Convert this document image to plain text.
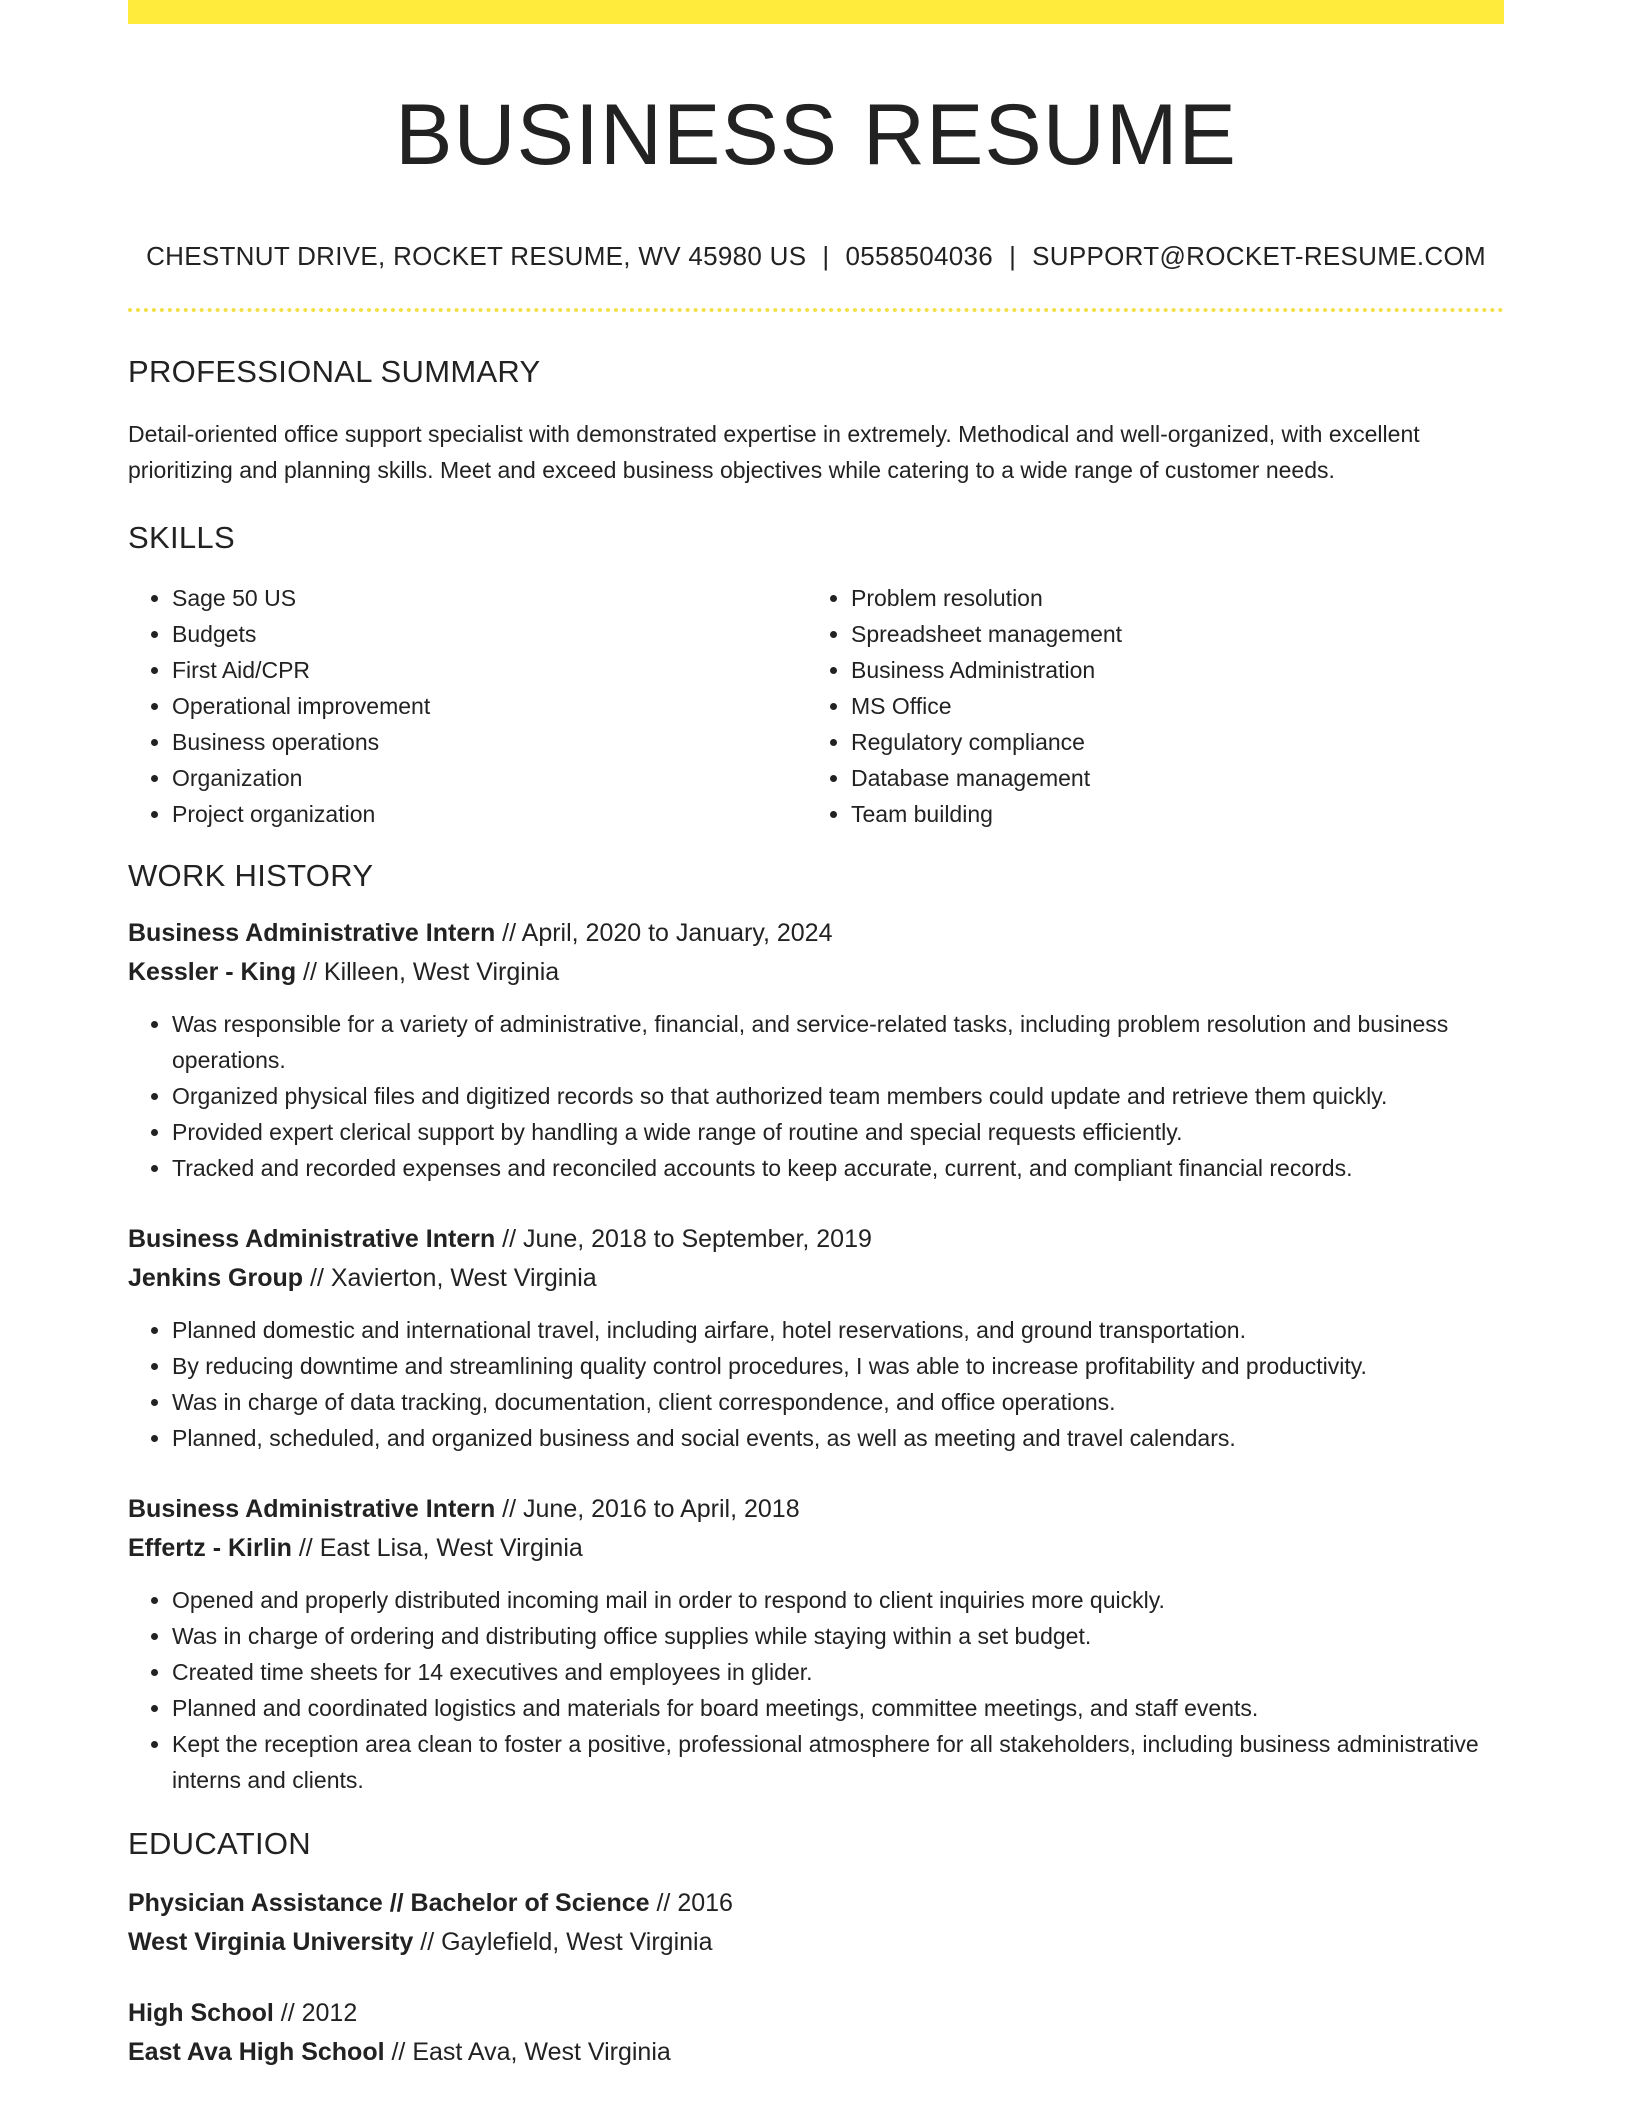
BUSINESS RESUME
CHESTNUT DRIVE, ROCKET RESUME, WV 45980 US | 0558504036 | SUPPORT@ROCKET-RESUME.COM
PROFESSIONAL SUMMARY
Detail-oriented office support specialist with demonstrated expertise in extremely. Methodical and well-organized, with excellent prioritizing and planning skills. Meet and exceed business objectives while catering to a wide range of customer needs.
SKILLS
• Sage 50 US
• Budgets
• First Aid/CPR
• Operational improvement
• Business operations
• Organization
• Project organization
• Problem resolution
• Spreadsheet management
• Business Administration
• MS Office
• Regulatory compliance
• Database management
• Team building
WORK HISTORY
Business Administrative Intern // April, 2020 to January, 2024
Kessler - King // Killeen, West Virginia
• Was responsible for a variety of administrative, financial, and service-related tasks, including problem resolution and business operations.
• Organized physical files and digitized records so that authorized team members could update and retrieve them quickly.
• Provided expert clerical support by handling a wide range of routine and special requests efficiently.
• Tracked and recorded expenses and reconciled accounts to keep accurate, current, and compliant financial records.
Business Administrative Intern // June, 2018 to September, 2019
Jenkins Group // Xavierton, West Virginia
• Planned domestic and international travel, including airfare, hotel reservations, and ground transportation.
• By reducing downtime and streamlining quality control procedures, I was able to increase profitability and productivity.
• Was in charge of data tracking, documentation, client correspondence, and office operations.
• Planned, scheduled, and organized business and social events, as well as meeting and travel calendars.
Business Administrative Intern // June, 2016 to April, 2018
Effertz - Kirlin // East Lisa, West Virginia
• Opened and properly distributed incoming mail in order to respond to client inquiries more quickly.
• Was in charge of ordering and distributing office supplies while staying within a set budget.
• Created time sheets for 14 executives and employees in glider.
• Planned and coordinated logistics and materials for board meetings, committee meetings, and staff events.
• Kept the reception area clean to foster a positive, professional atmosphere for all stakeholders, including business administrative interns and clients.
EDUCATION
Physician Assistance // Bachelor of Science // 2016
West Virginia University // Gaylefield, West Virginia
High School // 2012
East Ava High School // East Ava, West Virginia
